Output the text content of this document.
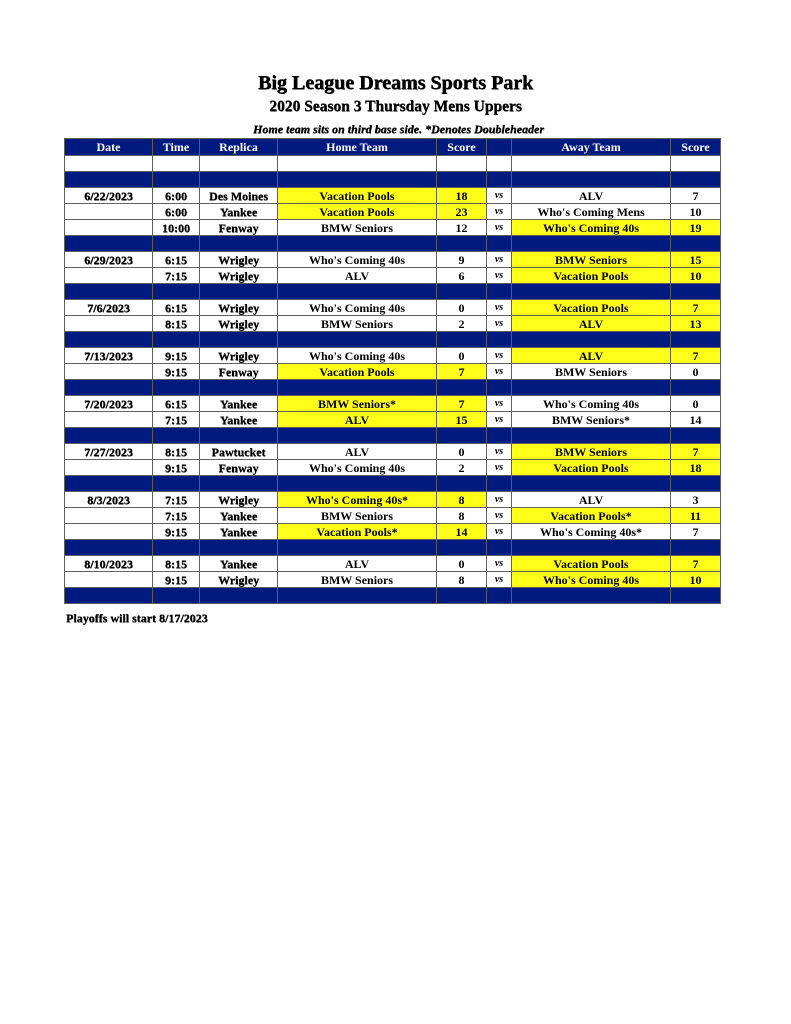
Big League Dreams Sports Park
2020 Season 3 Thursday Mens Uppers
Home team sits on third base side. *Denotes Doubleheader
Date	Time	Replica	Home Team	Score		Away Team	Score

6/22/2023	6:00	Des Moines	Vacation Pools	18	vs	ALV	7
	6:00	Yankee	Vacation Pools	23	vs	Who's Coming Mens	10
	10:00	Fenway	BMW Seniors	12	vs	Who's Coming 40s	19

6/29/2023	6:15	Wrigley	Who's Coming 40s	9	vs	BMW Seniors	15
	7:15	Wrigley	ALV	6	vs	Vacation Pools	10

7/6/2023	6:15	Wrigley	Who's Coming 40s	0	vs	Vacation Pools	7
	8:15	Wrigley	BMW Seniors	2	vs	ALV	13

7/13/2023	9:15	Wrigley	Who's Coming 40s	0	vs	ALV	7
	9:15	Fenway	Vacation Pools	7	vs	BMW Seniors	0

7/20/2023	6:15	Yankee	BMW Seniors*	7	vs	Who's Coming 40s	0
	7:15	Yankee	ALV	15	vs	BMW Seniors*	14

7/27/2023	8:15	Pawtucket	ALV	0	vs	BMW Seniors	7
	9:15	Fenway	Who's Coming 40s	2	vs	Vacation Pools	18

8/3/2023	7:15	Wrigley	Who's Coming 40s*	8	vs	ALV	3
	7:15	Yankee	BMW Seniors	8	vs	Vacation Pools*	11
	9:15	Yankee	Vacation Pools*	14	vs	Who's Coming 40s*	7

8/10/2023	8:15	Yankee	ALV	0	vs	Vacation Pools	7
	9:15	Wrigley	BMW Seniors	8	vs	Who's Coming 40s	10

Playoffs will start 8/17/2023
